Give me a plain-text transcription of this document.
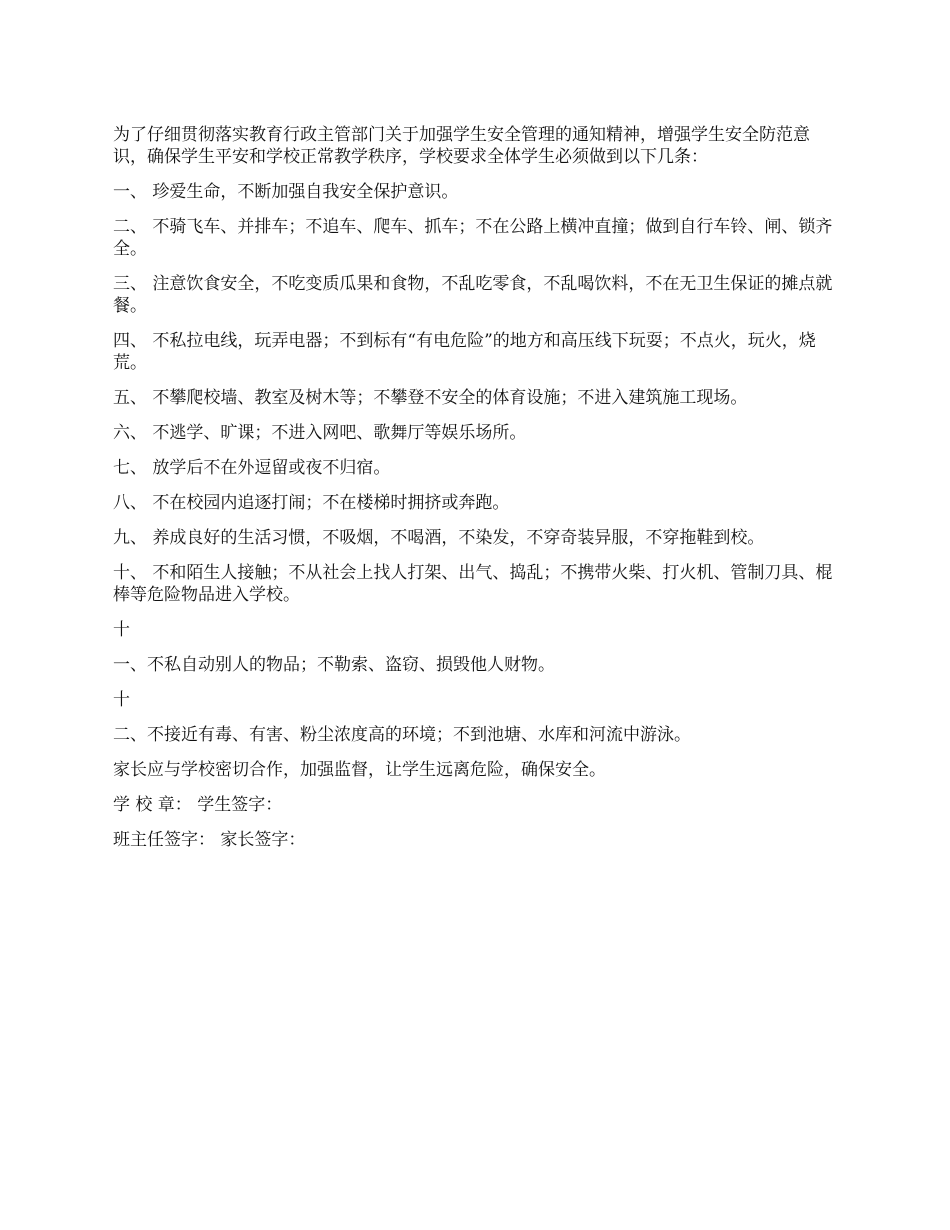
为了仔细贯彻落实教育行政主管部门关于加强学生安全管理的通知精神，增强学生安全防范意识，确保学生平安和学校正常教学秩序，学校要求全体学生必须做到以下几条：

一、 珍爱生命，不断加强自我安全保护意识。

二、 不骑飞车、并排车；不追车、爬车、抓车；不在公路上横冲直撞；做到自行车铃、闸、锁齐全。

三、 注意饮食安全，不吃变质瓜果和食物，不乱吃零食，不乱喝饮料，不在无卫生保证的摊点就餐。

四、 不私拉电线，玩弄电器；不到标有“有电危险”的地方和高压线下玩耍；不点火，玩火，烧荒。

五、 不攀爬校墙、教室及树木等；不攀登不安全的体育设施；不进入建筑施工现场。

六、 不逃学、旷课；不进入网吧、歌舞厅等娱乐场所。

七、 放学后不在外逗留或夜不归宿。

八、 不在校园内追逐打闹；不在楼梯时拥挤或奔跑。

九、 养成良好的生活习惯，不吸烟，不喝酒，不染发，不穿奇装异服，不穿拖鞋到校。

十、 不和陌生人接触；不从社会上找人打架、出气、捣乱；不携带火柴、打火机、管制刀具、棍棒等危险物品进入学校。

十

一、不私自动别人的物品；不勒索、盗窃、损毁他人财物。

十

二、不接近有毒、有害、粉尘浓度高的环境；不到池塘、水库和河流中游泳。

家长应与学校密切合作，加强监督，让学生远离危险，确保安全。

学 校 章： 学生签字：

班主任签字： 家长签字：
